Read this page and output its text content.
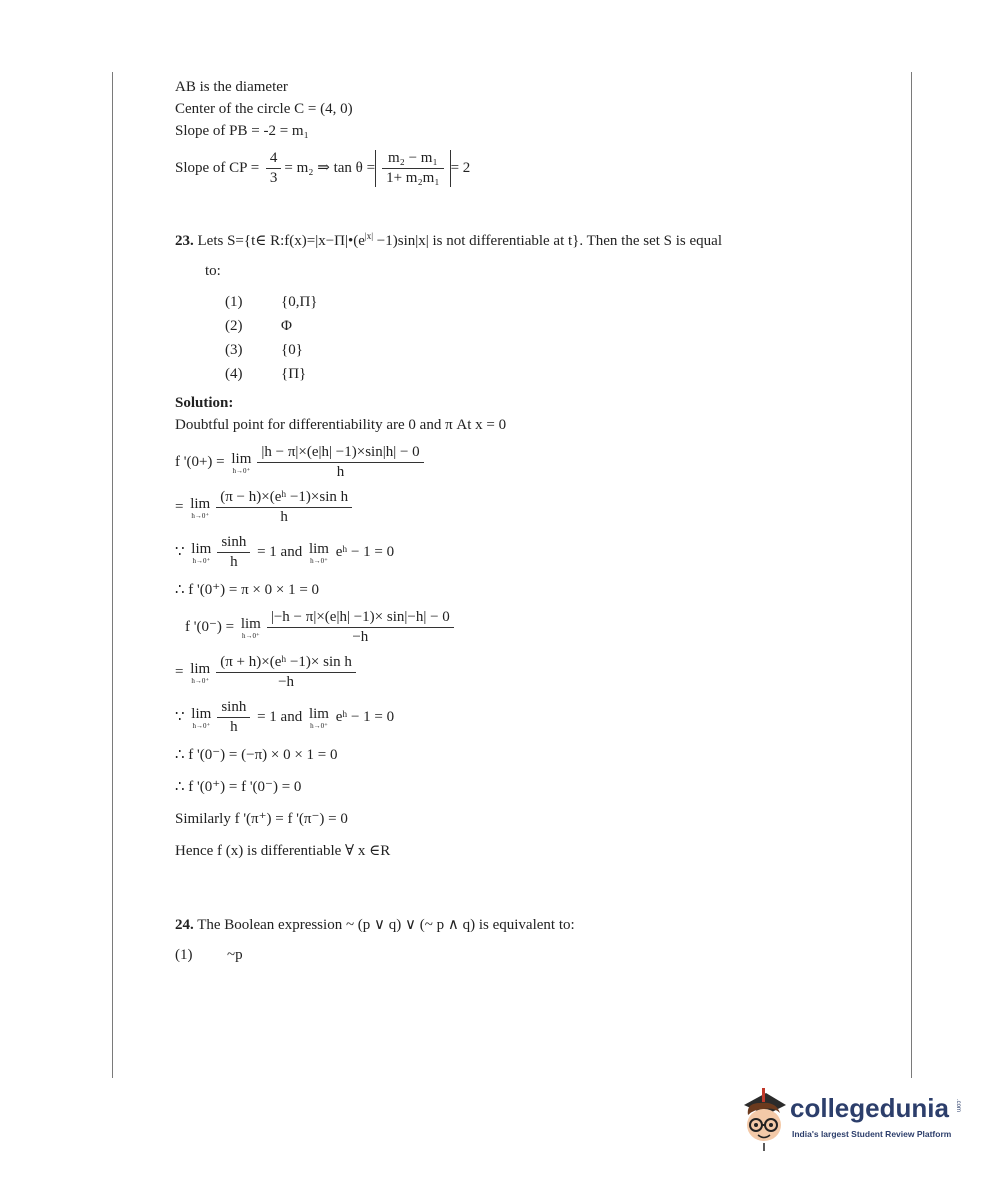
AB is the diameter
Center of the circle C = (4, 0)
Slope of PB = -2 = m₁
Slope of CP = $\frac{4}{3} = m_2$ ⇒ $\tan \theta = \frac{\text{m₂ − m₁}}{\text{1+ m₂m₁}} = 2$
23. Lets S={t∈ $R:f(x)=|x-\Pi|•(e^{|x|} -1)\sin|x|$ is not differentiable at t}. Then the set S is equal
to:
(1)	{0,Π}
(2)	Φ
(3)	{0}
(4)	{Π}
Solution:
Doubtful point for differentiability are 0 and π At x = 0
f '(0+) = lim
$h\to 0^+ \frac{|h - \pi|\times(e|h| -1)\times\sin|h| - 0}{h}$
= lim
$h\to 0^+ \frac{\text{(π − h)×(eʰ −1)×sin h}}{h}$
∵ lim
$h\to 0^+ \frac{\sinh}{h} = 1$ and lim
h→0⁺
eʰ − 1 = 0
∴ f '(0⁺) = π × 0 × 1 = 0
f '(0⁻) = lim
$h\to 0^+ \frac{|-h - \pi|\times(e|h| -1)\times \sin|-h| - 0}{-h}$
= lim
$h\to 0^+ \frac{\text{(π + h)×(eʰ −1)× sin h}}{-h}$
∵ lim
$h\to 0^+ \frac{\sinh}{h} = 1$ and lim
h→0⁺
eʰ − 1 = 0
∴ f '(0⁻) = (−π) × 0 × 1 = 0
∴ f '(0⁺) = f '(0⁻) = 0
Similarly f '(π⁺) = f '(π⁻) = 0
Hence f (x) is differentiable ∀ x ∈R
24. The Boolean expression ~ (p ∨ q) ∨ (~ p ∧ q) is equivalent to:
(1) ~p
collegedunia .com
India's largest Student Review Platform
